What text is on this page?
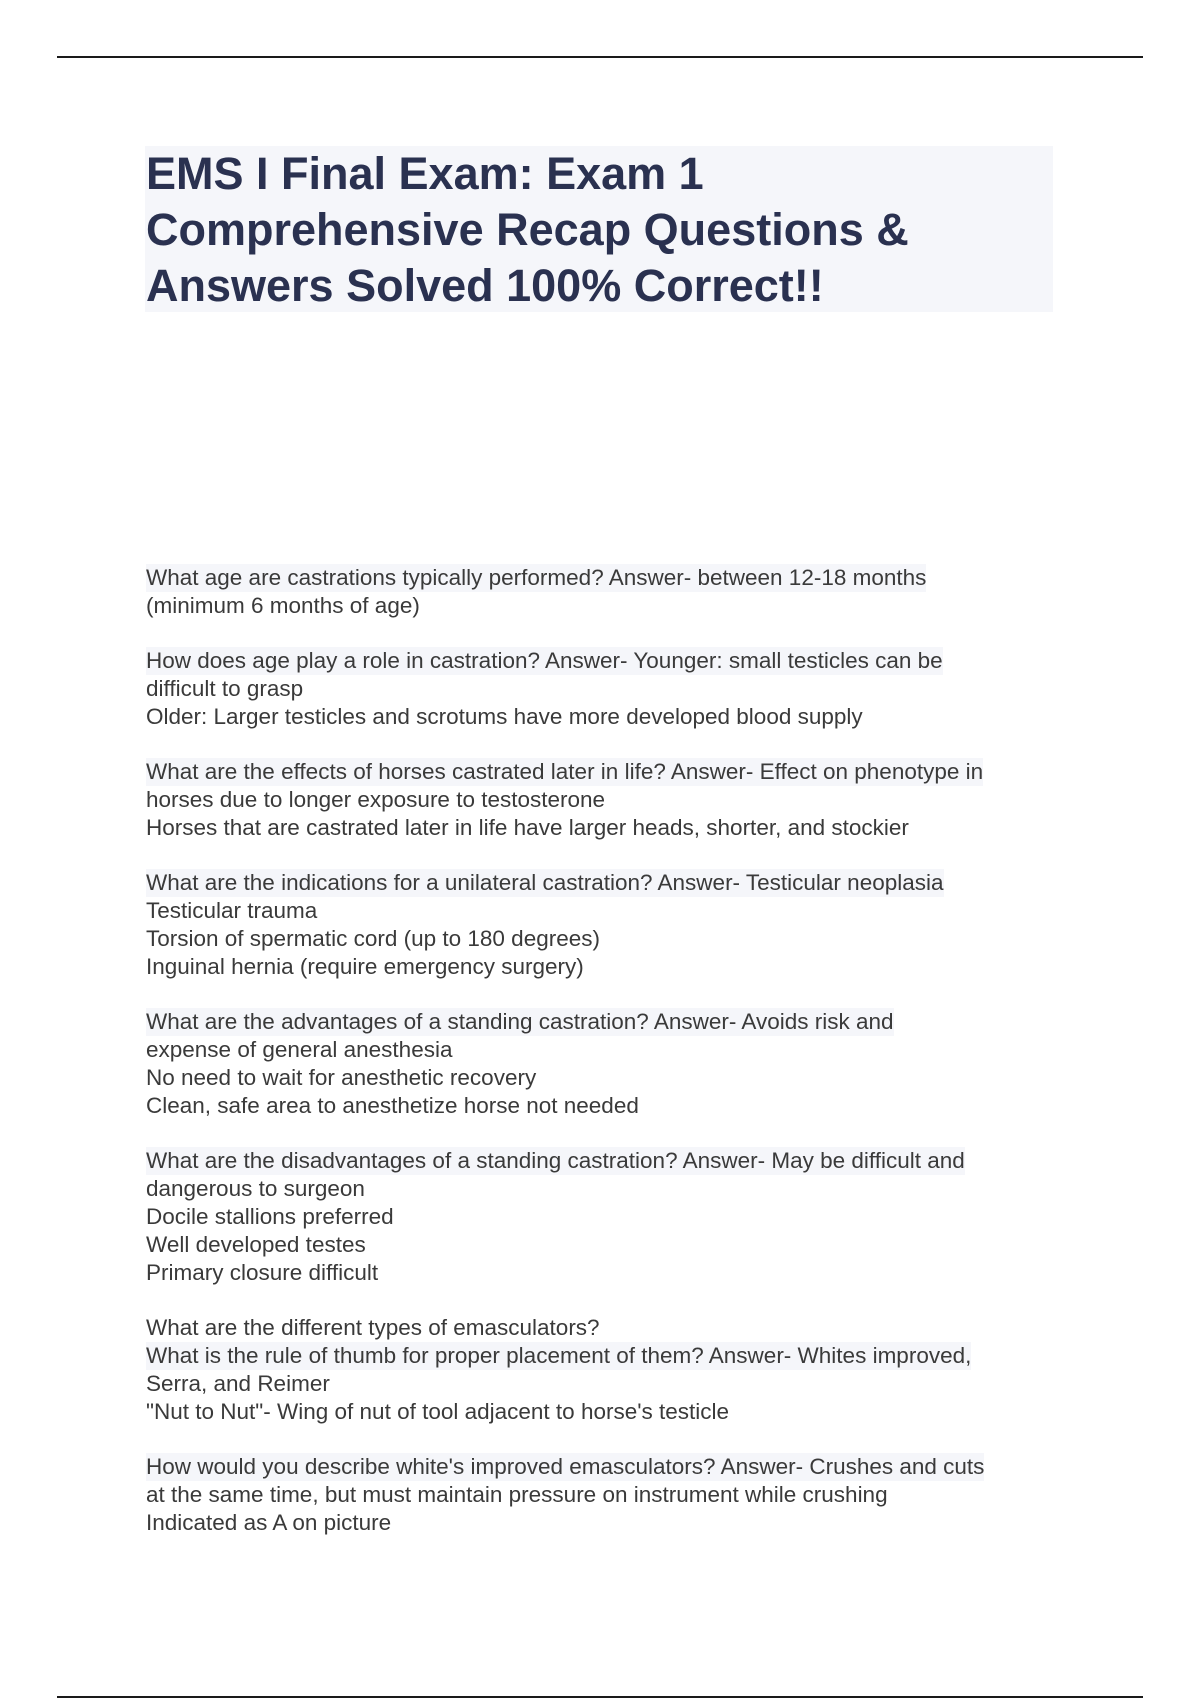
EMS I Final Exam: Exam 1
Comprehensive Recap Questions &
Answers Solved 100% Correct!!
What age are castrations typically performed? Answer- between 12-18 months
(minimum 6 months of age)
How does age play a role in castration? Answer- Younger: small testicles can be
difficult to grasp
Older: Larger testicles and scrotums have more developed blood supply
What are the effects of horses castrated later in life? Answer- Effect on phenotype in
horses due to longer exposure to testosterone
Horses that are castrated later in life have larger heads, shorter, and stockier
What are the indications for a unilateral castration? Answer- Testicular neoplasia
Testicular trauma
Torsion of spermatic cord (up to 180 degrees)
Inguinal hernia (require emergency surgery)
What are the advantages of a standing castration? Answer- Avoids risk and
expense of general anesthesia
No need to wait for anesthetic recovery
Clean, safe area to anesthetize horse not needed
What are the disadvantages of a standing castration? Answer- May be difficult and
dangerous to surgeon
Docile stallions preferred
Well developed testes
Primary closure difficult
What are the different types of emasculators?
What is the rule of thumb for proper placement of them? Answer- Whites improved,
Serra, and Reimer
"Nut to Nut"- Wing of nut of tool adjacent to horse's testicle
How would you describe white's improved emasculators? Answer- Crushes and cuts
at the same time, but must maintain pressure on instrument while crushing
Indicated as A on picture
